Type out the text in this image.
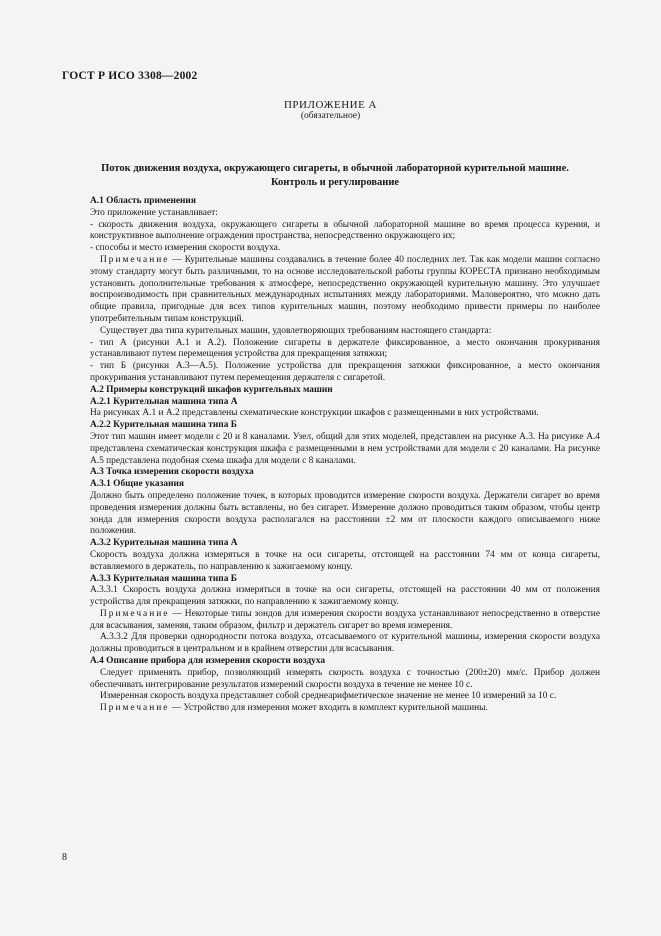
ГОСТ Р ИСО 3308—2002
ПРИЛОЖЕНИЕ А
(обязательное)
Поток движения воздуха, окружающего сигареты, в обычной лабораторной курительной машине.
Контроль и регулирование

А.1 Область применения

Это приложение устанавливает:

- скорость движения воздуха, окружающего сигареты в обычной лабораторной машине во время процесса курения, и конструктивное выполнение ограждения пространства, непосредственно окружающего их;

- способы и место измерения скорости воздуха.

Примечание — Курительные машины создавались в течение более 40 последних лет. Так как модели машин согласно этому стандарту могут быть различными, то на основе исследовательской работы группы КОРЕСТА признано необходимым установить дополнительные требования к атмосфере, непосредственно окружающей курительную машину. Это улучшает воспроизводимость при сравнительных международных испытаниях между лабораториями. Маловероятно, что можно дать общие правила, пригодные для всех типов курительных машин, поэтому необходимо привести примеры по наиболее употребительным типам конструкций.

Существует два типа курительных машин, удовлетворяющих требованиям настоящего стандарта:

- тип А (рисунки А.1 и А.2). Положение сигареты в держателе фиксированное, а место окончания прокуривания устанавливают путем перемещения устройства для прекращения затяжки;

- тип Б (рисунки А.3—А.5). Положение устройства для прекращения затяжки фиксированное, а место окончания прокуривания устанавливают путем перемещения держателя с сигаретой.

А.2 Примеры конструкций шкафов курительных машин

А.2.1 Курительная машина типа А

На рисунках А.1 и А.2 представлены схематические конструкции шкафов с размещенными в них устройствами.

А.2.2 Курительная машина типа Б

Этот тип машин имеет модели с 20 и 8 каналами. Узел, общий для этих моделей, представлен на рисунке А.3. На рисунке А.4 представлена схематическая конструкция шкафа с размещенными в нем устройствами для модели с 20 каналами. На рисунке А.5 представлена подобная схема шкафа для модели с 8 каналами.

А.3 Точка измерения скорости воздуха

А.3.1 Общие указания

Должно быть определено положение точек, в которых проводится измерение скорости воздуха. Держатели сигарет во время проведения измерения должны быть вставлены, но без сигарет. Измерение должно проводиться таким образом, чтобы центр зонда для измерения скорости воздуха располагался на расстоянии ±2 мм от плоскости каждого описываемого ниже положения.

А.3.2 Курительная машина типа А

Скорость воздуха должна измеряться в точке на оси сигареты, отстоящей на расстоянии 74 мм от конца сигареты, вставляемого в держатель, по направлению к зажигаемому концу.

А.3.3 Курительная машина типа Б

А.3.3.1 Скорость воздуха должна измеряться в точке на оси сигареты, отстоящей на расстоянии 40 мм от положения устройства для прекращения затяжки, по направлению к зажигаемому концу.

Примечание — Некоторые типы зондов для измерения скорости воздуха устанавливают непосредственно в отверстие для всасывания, заменяя, таким образом, фильтр и держатель сигарет во время измерения.

А.3.3.2 Для проверки однородности потока воздуха, отсасываемого от курительной машины, измерения скорости воздуха должны проводиться в центральном и в крайнем отверстии для всасывания.

А.4 Описание прибора для измерения скорости воздуха

Следует применять прибор, позволяющий измерять скорость воздуха с точностью (200±20) мм/с. Прибор должен обеспечивать интегрирование результатов измерений скорости воздуха в течение не менее 10 с.

Измеренная скорость воздуха представляет собой среднеарифметическое значение не менее 10 измерений за 10 с.

Примечание — Устройство для измерения может входить в комплект курительной машины.

8
